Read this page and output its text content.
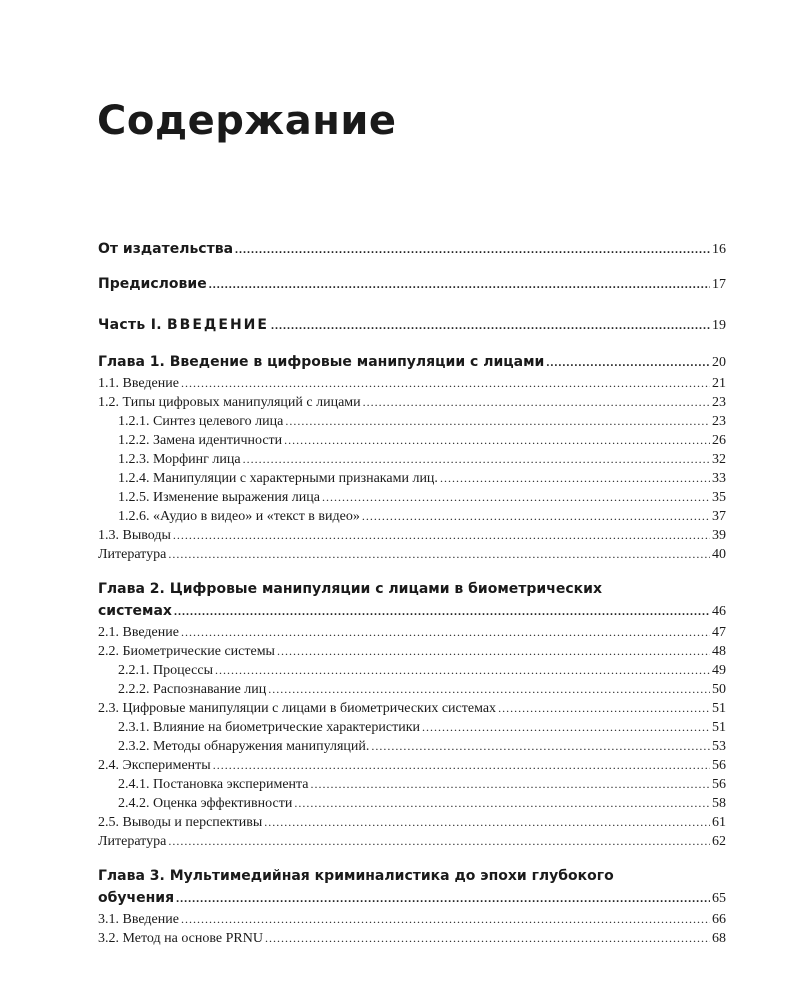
Содержание
От издательства .....	16
Предисловие .....	17
Часть I. ВВЕДЕНИЕ .....	19
Глава 1. Введение в цифровые манипуляции с лицами .....	20
1.1. Введение .....	21
1.2. Типы цифровых манипуляций с лицами .....	23
1.2.1. Синтез целевого лица .....	23
1.2.2. Замена идентичности .....	26
1.2.3. Морфинг лица .....	32
1.2.4. Манипуляции с характерными признаками лиц. .....	33
1.2.5. Изменение выражения лица .....	35
1.2.6. «Аудио в видео» и «текст в видео» .....	37
1.3. Выводы .....	39
Литература .....	40
Глава 2. Цифровые манипуляции с лицами в биометрических
системах .....	46
2.1. Введение .....	47
2.2. Биометрические системы .....	48
2.2.1. Процессы .....	49
2.2.2. Распознавание лиц .....	50
2.3. Цифровые манипуляции с лицами в биометрических системах .....	51
2.3.1. Влияние на биометрические характеристики .....	51
2.3.2. Методы обнаружения манипуляций. .....	53
2.4. Эксперименты .....	56
2.4.1. Постановка эксперимента .....	56
2.4.2. Оценка эффективности .....	58
2.5. Выводы и перспективы .....	61
Литература .....	62
Глава 3. Мультимедийная криминалистика до эпохи глубокого
обучения .....	65
3.1. Введение .....	66
3.2. Метод на основе PRNU .....	68
